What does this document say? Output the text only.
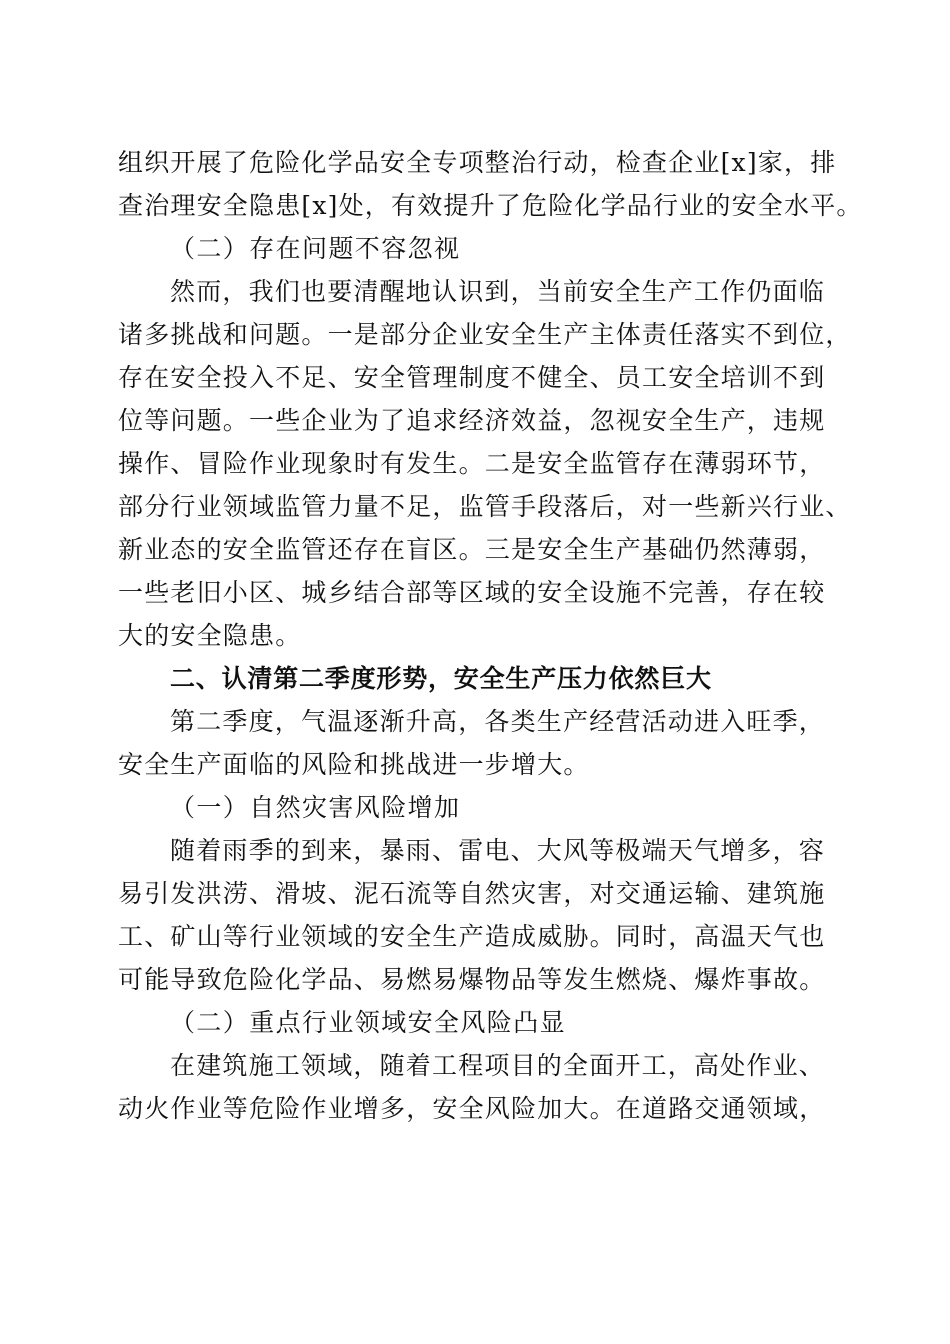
组织开展了危险化学品安全专项整治行动，检查企业[x]家，排
查治理安全隐患[x]处，有效提升了危险化学品行业的安全水平。
（二）存在问题不容忽视
然而，我们也要清醒地认识到，当前安全生产工作仍面临
诸多挑战和问题。一是部分企业安全生产主体责任落实不到位，
存在安全投入不足、安全管理制度不健全、员工安全培训不到
位等问题。一些企业为了追求经济效益，忽视安全生产，违规
操作、冒险作业现象时有发生。二是安全监管存在薄弱环节，
部分行业领域监管力量不足，监管手段落后，对一些新兴行业、
新业态的安全监管还存在盲区。三是安全生产基础仍然薄弱，
一些老旧小区、城乡结合部等区域的安全设施不完善，存在较
大的安全隐患。
二、认清第二季度形势，安全生产压力依然巨大
第二季度，气温逐渐升高，各类生产经营活动进入旺季，
安全生产面临的风险和挑战进一步增大。
（一）自然灾害风险增加
随着雨季的到来，暴雨、雷电、大风等极端天气增多，容
易引发洪涝、滑坡、泥石流等自然灾害，对交通运输、建筑施
工、矿山等行业领域的安全生产造成威胁。同时，高温天气也
可能导致危险化学品、易燃易爆物品等发生燃烧、爆炸事故。
（二）重点行业领域安全风险凸显
在建筑施工领域，随着工程项目的全面开工，高处作业、
动火作业等危险作业增多，安全风险加大。在道路交通领域，
